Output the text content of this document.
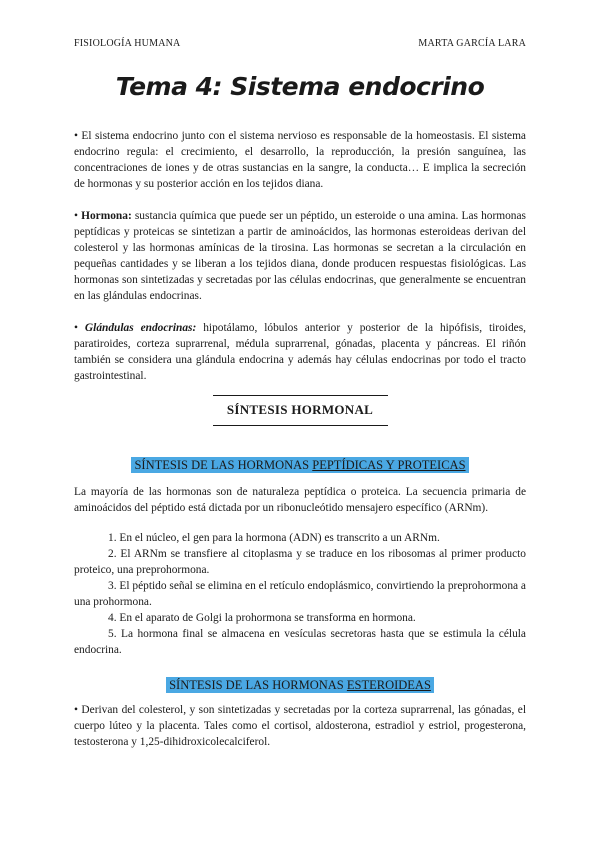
FISIOLOGÍA HUMANA	MARTA GARCÍA LARA
Tema 4: Sistema endocrino

• El sistema endocrino junto con el sistema nervioso es responsable de la homeostasis. El sistema endocrino regula: el crecimiento, el desarrollo, la reproducción, la presión sanguínea, las concentraciones de iones y de otras sustancias en la sangre, la conducta… E implica la secreción de hormonas y su posterior acción en los tejidos diana.

• Hormona: sustancia química que puede ser un péptido, un esteroide o una amina. Las hormonas peptídicas y proteicas se sintetizan a partir de aminoácidos, las hormonas esteroideas derivan del colesterol y las hormonas amínicas de la tirosina. Las hormonas se secretan a la circulación en pequeñas cantidades y se liberan a los tejidos diana, donde producen respuestas fisiológicas. Las hormonas son sintetizadas y secretadas por las células endocrinas, que generalmente se encuentran en las glándulas endocrinas.

• Glándulas endocrinas: hipotálamo, lóbulos anterior y posterior de la hipófisis, tiroides, paratiroides, corteza suprarrenal, médula suprarrenal, gónadas, placenta y páncreas. El riñón también se considera una glándula endocrina y además hay células endocrinas por todo el tracto gastrointestinal.

SÍNTESIS HORMONAL
SÍNTESIS DE LAS HORMONAS PEPTÍDICAS Y PROTEICAS

La mayoría de las hormonas son de naturaleza peptídica o proteica. La secuencia primaria de aminoácidos del péptido está dictada por un ribonucleótido mensajero específico (ARNm).

1. En el núcleo, el gen para la hormona (ADN) es transcrito a un ARNm.

2. El ARNm se transfiere al citoplasma y se traduce en los ribosomas al primer producto proteico, una preprohormona.

3. El péptido señal se elimina en el retículo endoplásmico, convirtiendo la preprohormona a una prohormona.

4. En el aparato de Golgi la prohormona se transforma en hormona.

5. La hormona final se almacena en vesículas secretoras hasta que se estimula la célula endocrina.

SÍNTESIS DE LAS HORMONAS ESTEROIDEAS

• Derivan del colesterol, y son sintetizadas y secretadas por la corteza suprarrenal, las gónadas, el cuerpo lúteo y la placenta. Tales como el cortisol, aldosterona, estradiol y estriol, progesterona, testosterona y 1,25-dihidroxicolecalciferol.
